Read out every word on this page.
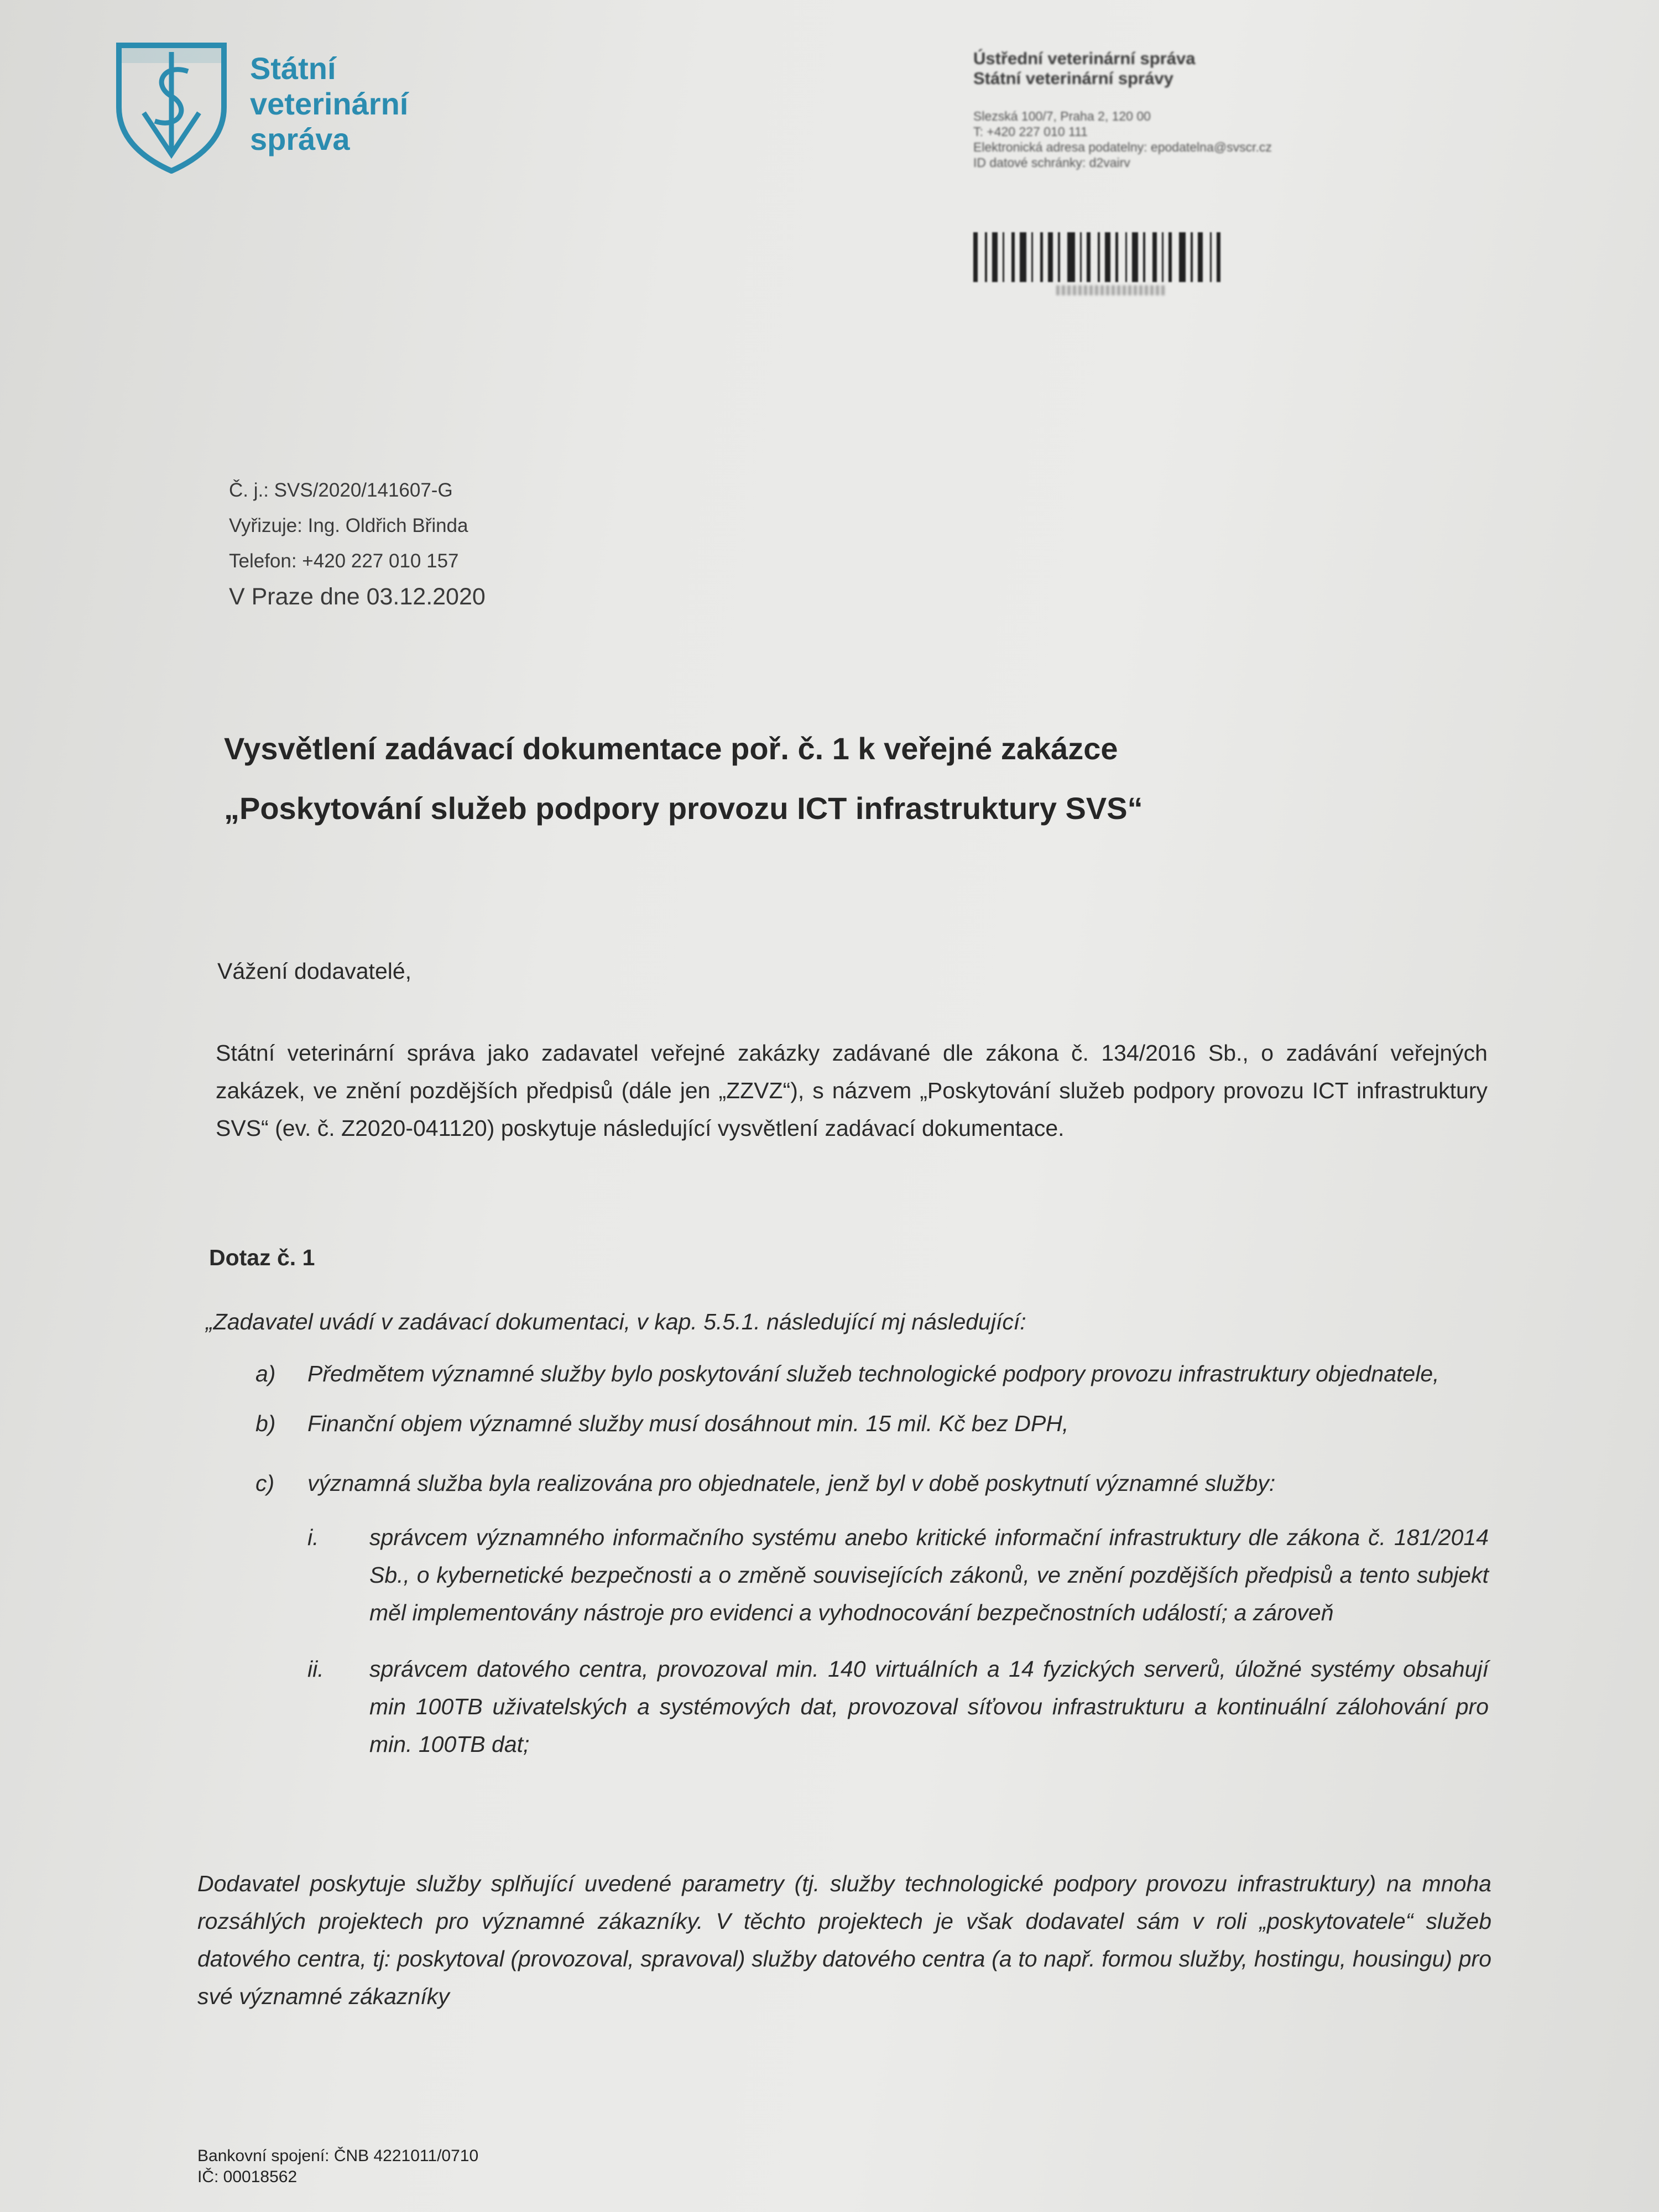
Státní
veterinární
správa
Ústřední veterinární správa
Státní veterinární správy
Slezská 100/7, Praha 2, 120 00
T: +420 227 010 111
Elektronická adresa podatelny: epodatelna@svscr.cz
ID datové schránky: d2vairv
Č. j.: SVS/2020/141607-G
Vyřizuje: Ing. Oldřich Břinda
Telefon: +420 227 010 157
V Praze dne 03.12.2020
Vysvětlení zadávací dokumentace poř. č. 1 k veřejné zakázce
„Poskytování služeb podpory provozu ICT infrastruktury SVS“
Vážení dodavatelé,
Státní veterinární správa jako zadavatel veřejné zakázky zadávané dle zákona č. 134/2016 Sb., o zadávání veřejných zakázek, ve znění pozdějších předpisů (dále jen „ZZVZ“), s názvem „Poskytování služeb podpory provozu ICT infrastruktury SVS“ (ev. č. Z2020-041120) poskytuje následující vysvětlení zadávací dokumentace.
Dotaz č. 1
„Zadavatel uvádí v zadávací dokumentaci, v kap. 5.5.1. následující mj následující:
a) Předmětem významné služby bylo poskytování služeb technologické podpory provozu infrastruktury objednatele,
b) Finanční objem významné služby musí dosáhnout min. 15 mil. Kč bez DPH,
c) významná služba byla realizována pro objednatele, jenž byl v době poskytnutí významné služby:
i. správcem významného informačního systému anebo kritické informační infrastruktury dle zákona č. 181/2014 Sb., o kybernetické bezpečnosti a o změně souvisejících zákonů, ve znění pozdějších předpisů a tento subjekt měl implementovány nástroje pro evidenci a vyhodnocování bezpečnostních událostí; a zároveň
ii. správcem datového centra, provozoval min. 140 virtuálních a 14 fyzických serverů, úložné systémy obsahují min 100TB uživatelských a systémových dat, provozoval síťovou infrastrukturu a kontinuální zálohování pro min. 100TB dat;
Dodavatel poskytuje služby splňující uvedené parametry (tj. služby technologické podpory provozu infrastruktury) na mnoha rozsáhlých projektech pro významné zákazníky. V těchto projektech je však dodavatel sám v roli „poskytovatele“ služeb datového centra, tj: poskytoval (provozoval, spravoval) služby datového centra (a to např. formou služby, hostingu, housingu) pro své významné zákazníky
Bankovní spojení: ČNB 4221011/0710
IČ: 00018562
